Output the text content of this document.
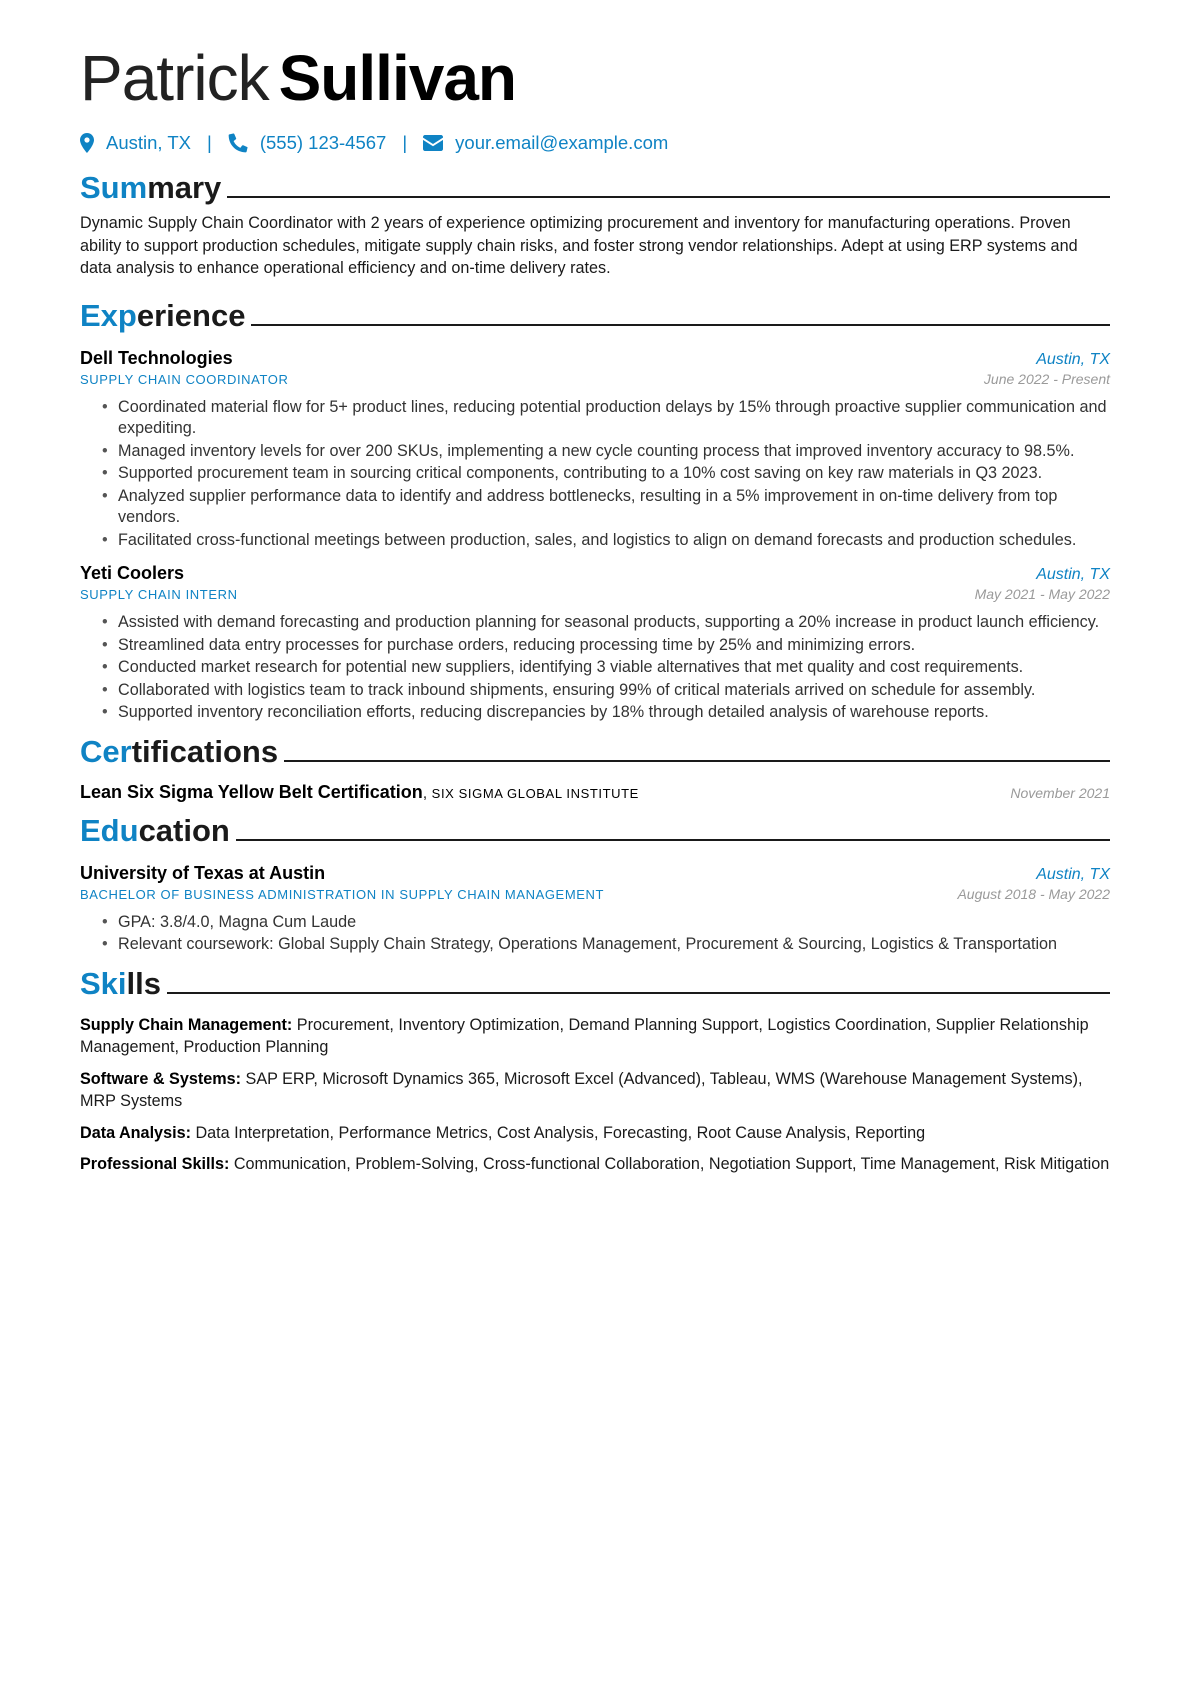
Patrick Sullivan
Austin, TX |	(555) 123-4567 |	your.email@example.com
Summary
Dynamic Supply Chain Coordinator with 2 years of experience optimizing procurement and inventory for manufacturing operations. Proven ability to support production schedules, mitigate supply chain risks, and foster strong vendor relationships. Adept at using ERP systems and data analysis to enhance operational efficiency and on-time delivery rates.
Experience
Dell Technologies	Austin, TX
SUPPLY CHAIN COORDINATOR	June 2022 - Present
• Coordinated material flow for 5+ product lines, reducing potential production delays by 15% through proactive supplier communication and expediting.
• Managed inventory levels for over 200 SKUs, implementing a new cycle counting process that improved inventory accuracy to 98.5%.
• Supported procurement team in sourcing critical components, contributing to a 10% cost saving on key raw materials in Q3 2023.
• Analyzed supplier performance data to identify and address bottlenecks, resulting in a 5% improvement in on-time delivery from top vendors.
• Facilitated cross-functional meetings between production, sales, and logistics to align on demand forecasts and production schedules.
Yeti Coolers	Austin, TX
SUPPLY CHAIN INTERN	May 2021 - May 2022
• Assisted with demand forecasting and production planning for seasonal products, supporting a 20% increase in product launch efficiency.
• Streamlined data entry processes for purchase orders, reducing processing time by 25% and minimizing errors.
• Conducted market research for potential new suppliers, identifying 3 viable alternatives that met quality and cost requirements.
• Collaborated with logistics team to track inbound shipments, ensuring 99% of critical materials arrived on schedule for assembly.
• Supported inventory reconciliation efforts, reducing discrepancies by 18% through detailed analysis of warehouse reports.
Certifications
Lean Six Sigma Yellow Belt Certification, SIX SIGMA GLOBAL INSTITUTE	November 2021
Education
University of Texas at Austin	Austin, TX
BACHELOR OF BUSINESS ADMINISTRATION IN SUPPLY CHAIN MANAGEMENT	August 2018 - May 2022
• GPA: 3.8/4.0, Magna Cum Laude
• Relevant coursework: Global Supply Chain Strategy, Operations Management, Procurement & Sourcing, Logistics & Transportation
Skills
Supply Chain Management: Procurement, Inventory Optimization, Demand Planning Support, Logistics Coordination, Supplier Relationship Management, Production Planning
Software & Systems: SAP ERP, Microsoft Dynamics 365, Microsoft Excel (Advanced), Tableau, WMS (Warehouse Management Systems), MRP Systems
Data Analysis: Data Interpretation, Performance Metrics, Cost Analysis, Forecasting, Root Cause Analysis, Reporting
Professional Skills: Communication, Problem-Solving, Cross-functional Collaboration, Negotiation Support, Time Management, Risk Mitigation
